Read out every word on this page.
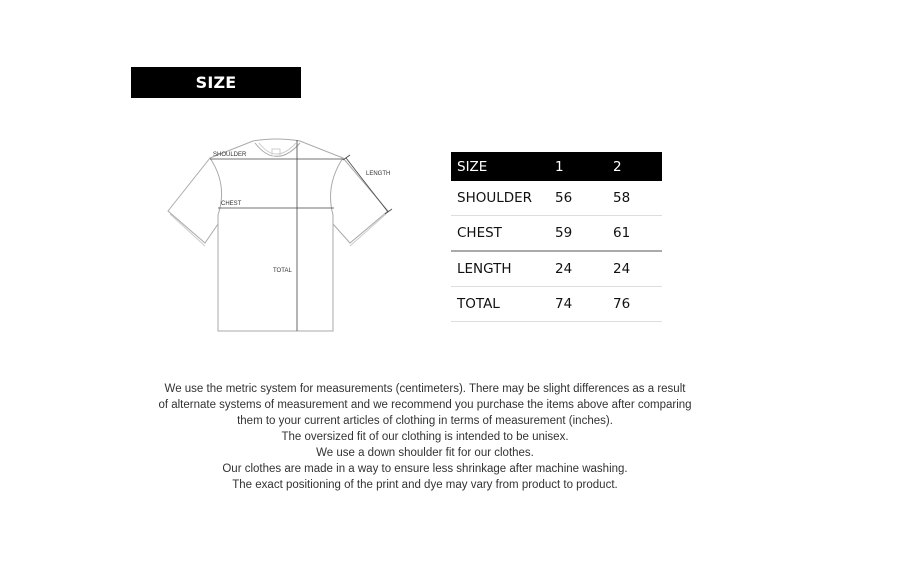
SIZE INFORMATION
SHOULDER
CHEST
LENGTH
TOTAL
SIZE	1	2
SHOULDER	56	58
CHEST	59	61
LENGTH	24	24
TOTAL	74	76
We use the metric system for measurements (centimeters). There may be slight differences as a result
of alternate systems of measurement and we recommend you purchase the items above after comparing
them to your current articles of clothing in terms of measurement (inches).
The oversized fit of our clothing is intended to be unisex.
We use a down shoulder fit for our clothes.
Our clothes are made in a way to ensure less shrinkage after machine washing.
The exact positioning of the print and dye may vary from product to product.
